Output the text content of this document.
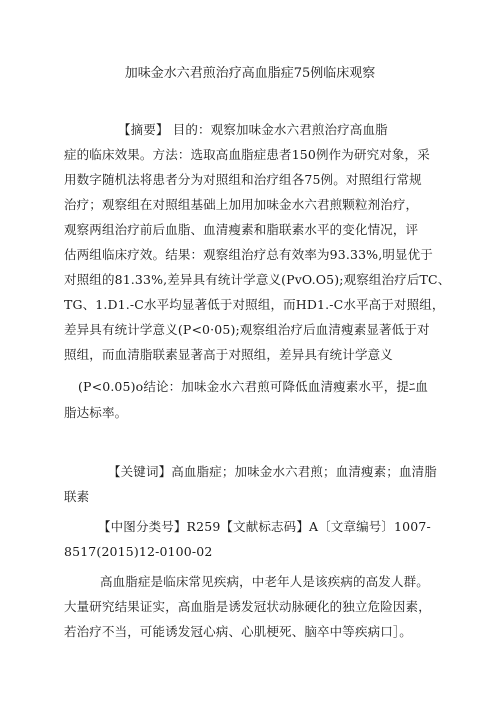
加味金水六君煎治疗高血脂症75例临床观察
【摘要】 目的：观察加味金水六君煎治疗高血脂
症的临床效果。方法：选取高血脂症患者150例作为研究对象，采
用数字随机法将患者分为对照组和治疗组各75例。对照组行常规
治疗；观察组在对照组基础上加用加味金水六君煎颗粒剂治疗，
观察两组治疗前后血脂、血清瘦素和脂联素水平的变化情况，评
估两组临床疗效。结果：观察组治疗总有效率为93.33%,明显优于
对照组的81.33%,差异具有统计学意义(PvO.O5);观察组治疗后TC、
TG、1.D1.-C水平均显著低于对照组，而HD1.-C水平高于对照组，
差异具有统计学意义(P<0·05);观察组治疗后血清瘦素显著低于对
照组，而血清脂联素显著高于对照组，差异具有统计学意义
(P<0.05)o结论：加味金水六君煎可降低血清瘦素水平，提⁣⁣⁣⁣ﾆ⁣血
脂达标率。
【关键词】高血脂症；加味金水六君煎；血清瘦素；血清脂
联素
【中图分类号】R259【文献标志码】A〔文章编号〕1007-
8517(2015)12-0100-02
高血脂症是临床常见疾病，中老年人是该疾病的高发人群。
大量研究结果证实，高血脂是诱发冠状动脉硬化的独立危险因素，
若治疗不当，可能诱发冠心病、心肌梗死、脑卒中等疾病口］。
